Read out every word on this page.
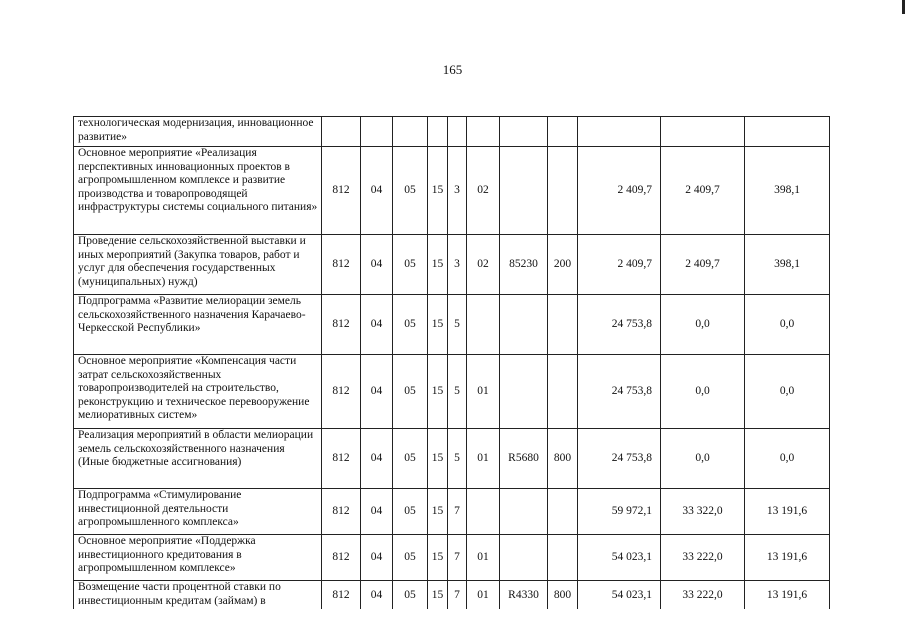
165
технологическая модернизация, инновационное развитие»											
Основное мероприятие «Реализация перспективных инновационных проектов в агропромышленном комплексе и развитие производства и товаропроводящей инфраструктуры системы социального питания»	812	04	05	15	3	02			2 409,7	2 409,7	398,1
Проведение сельскохозяйственной выставки и иных мероприятий (Закупка товаров, работ и услуг для обеспечения государственных (муниципальных) нужд)	812	04	05	15	3	02	85230	200	2 409,7	2 409,7	398,1
Подпрограмма «Развитие мелиорации земель сельскохозяйственного назначения Карачаево-Черкесской Республики»	812	04	05	15	5				24 753,8	0,0	0,0
Основное мероприятие «Компенсация части затрат сельскохозяйственных товаропроизводителей на строительство, реконструкцию и техническое перевооружение мелиоративных систем»	812	04	05	15	5	01			24 753,8	0,0	0,0
Реализация мероприятий в области мелиорации земель сельскохозяйственного назначения (Иные бюджетные ассигнования)	812	04	05	15	5	01	R5680	800	24 753,8	0,0	0,0
Подпрограмма «Стимулирование инвестиционной деятельности агропромышленного комплекса»	812	04	05	15	7				59 972,1	33 322,0	13 191,6
Основное мероприятие «Поддержка инвестиционного кредитования в агропромышленном комплексе»	812	04	05	15	7	01			54 023,1	33 222,0	13 191,6
Возмещение части процентной ставки по инвестиционным кредитам (займам) в	812	04	05	15	7	01	R4330	800	54 023,1	33 222,0	13 191,6
